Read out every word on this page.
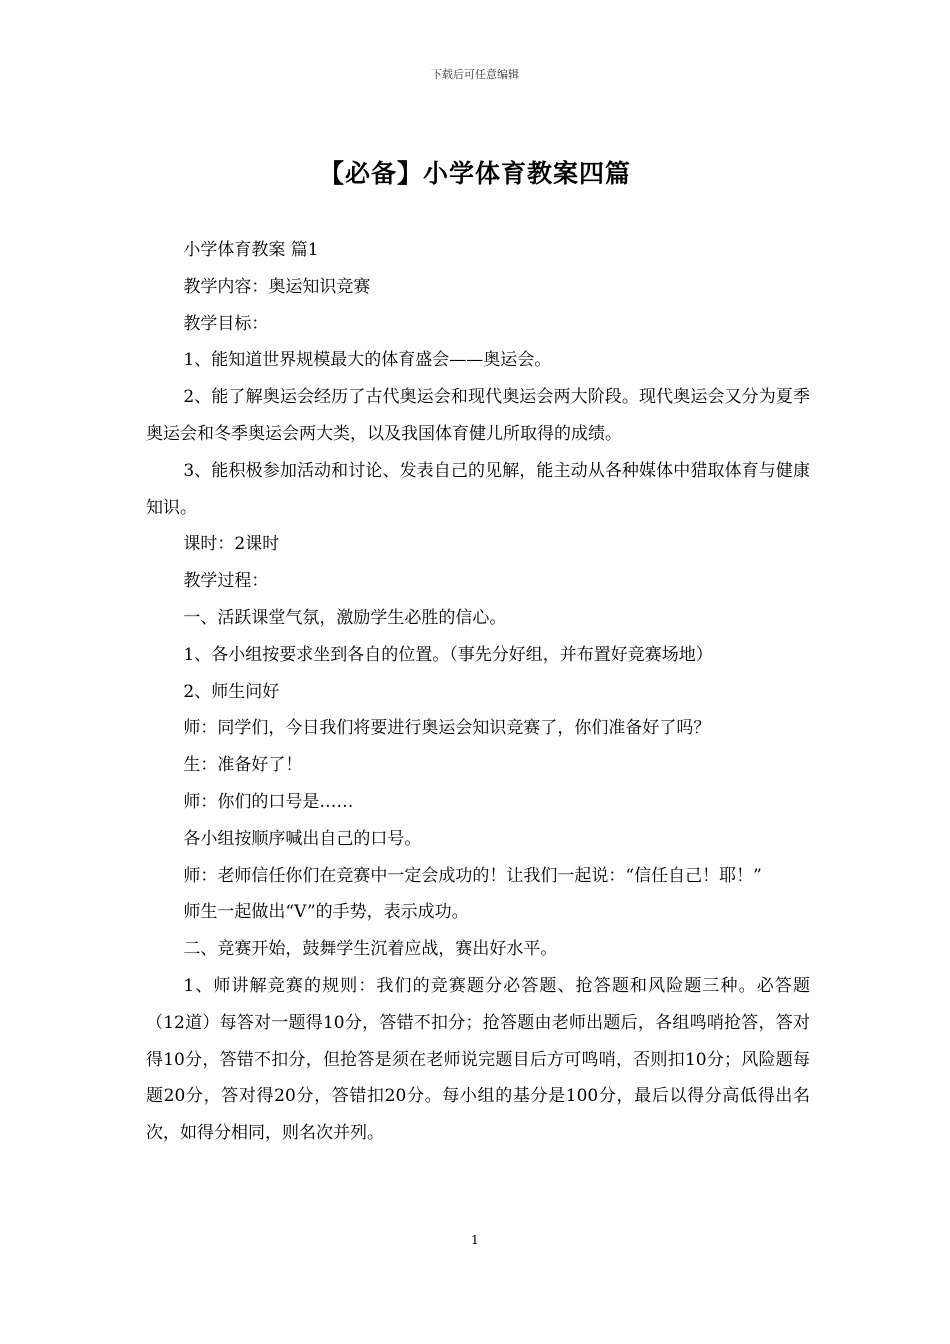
下载后可任意编辑
【必备】小学体育教案四篇

小学体育教案 篇1

教学内容：奥运知识竞赛

教学目标：

1、能知道世界规模最大的体育盛会——奥运会。

2、能了解奥运会经历了古代奥运会和现代奥运会两大阶段。现代奥运会又分为夏季奥运会和冬季奥运会两大类，以及我国体育健儿所取得的成绩。

3、能积极参加活动和讨论、发表自己的见解，能主动从各种媒体中猎取体育与健康知识。

课时：2课时

教学过程：

一、活跃课堂气氛，激励学生必胜的信心。

1、各小组按要求坐到各自的位置。（事先分好组，并布置好竞赛场地）

2、师生问好

师：同学们，今日我们将要进行奥运会知识竞赛了，你们准备好了吗？

生：准备好了！

师：你们的口号是……

各小组按顺序喊出自己的口号。

师：老师信任你们在竞赛中一定会成功的！让我们一起说：“信任自己！耶！”

师生一起做出“V”的手势，表示成功。

二、竞赛开始，鼓舞学生沉着应战，赛出好水平。

1、师讲解竞赛的规则：我们的竞赛题分必答题、抢答题和风险题三种。必答题（12道）每答对一题得10分，答错不扣分；抢答题由老师出题后，各组鸣哨抢答，答对得10分，答错不扣分，但抢答是须在老师说完题目后方可鸣哨，否则扣10分；风险题每题20分，答对得20分，答错扣20分。每小组的基分是100分，最后以得分高低得出名次，如得分相同，则名次并列。

1
